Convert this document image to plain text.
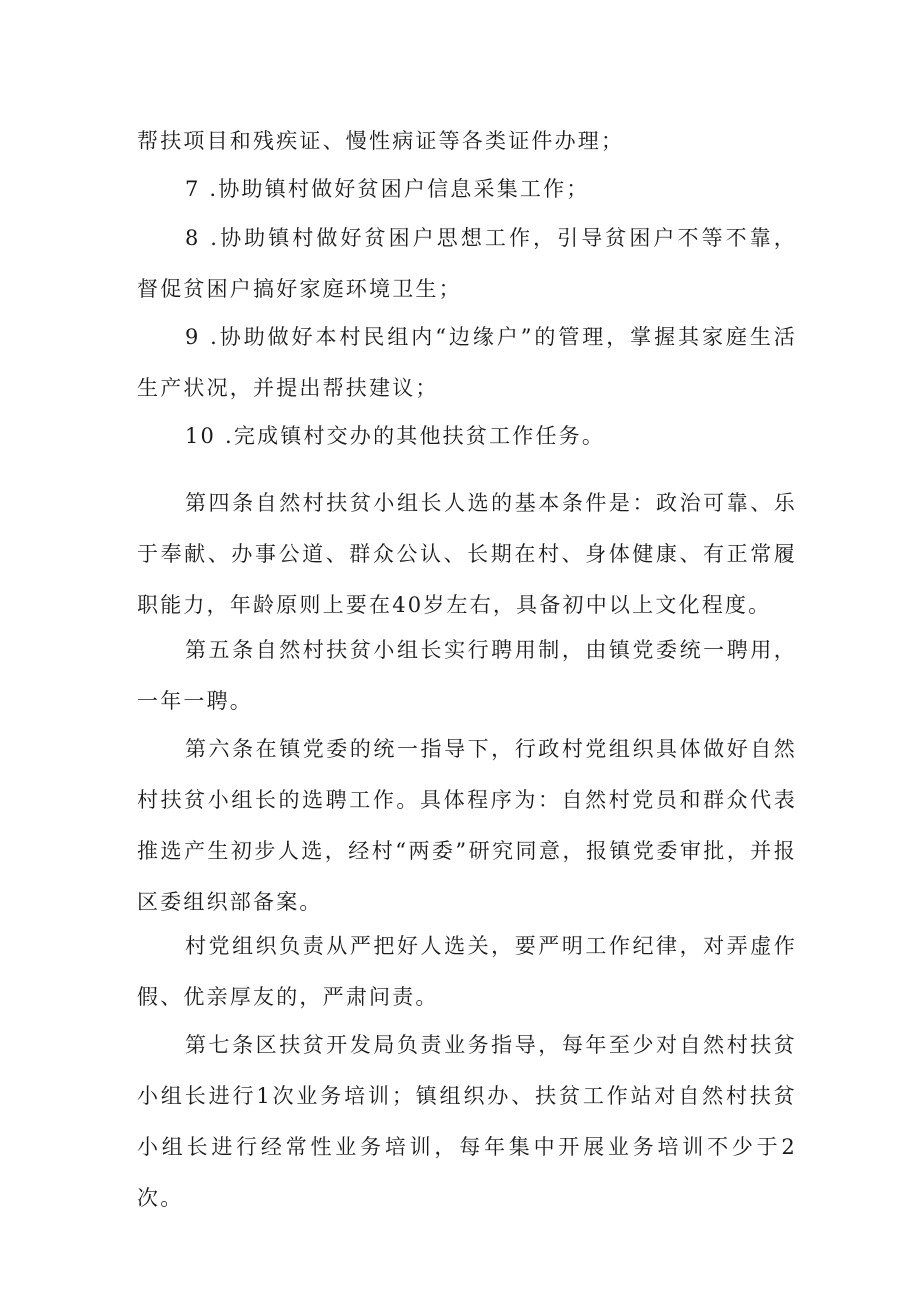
帮扶项目和残疾证、慢性病证等各类证件办理；

7 .协助镇村做好贫困户信息采集工作；

8 .协助镇村做好贫困户思想工作，引导贫困户不等不靠，督促贫困户搞好家庭环境卫生；

9 .协助做好本村民组内“边缘户”的管理，掌握其家庭生活生产状况，并提出帮扶建议；

10 .完成镇村交办的其他扶贫工作任务。

第四条自然村扶贫小组长人选的基本条件是：政治可靠、乐于奉献、办事公道、群众公认、长期在村、身体健康、有正常履职能力，年龄原则上要在40岁左右，具备初中以上文化程度。

第五条自然村扶贫小组长实行聘用制，由镇党委统一聘用，一年一聘。

第六条在镇党委的统一指导下，行政村党组织具体做好自然村扶贫小组长的选聘工作。具体程序为：自然村党员和群众代表推选产生初步人选，经村“两委”研究同意，报镇党委审批，并报区委组织部备案。

村党组织负责从严把好人选关，要严明工作纪律，对弄虚作假、优亲厚友的，严肃问责。

第七条区扶贫开发局负责业务指导，每年至少对自然村扶贫小组长进行1次业务培训；镇组织办、扶贫工作站对自然村扶贫小组长进行经常性业务培训，每年集中开展业务培训不少于2次。
